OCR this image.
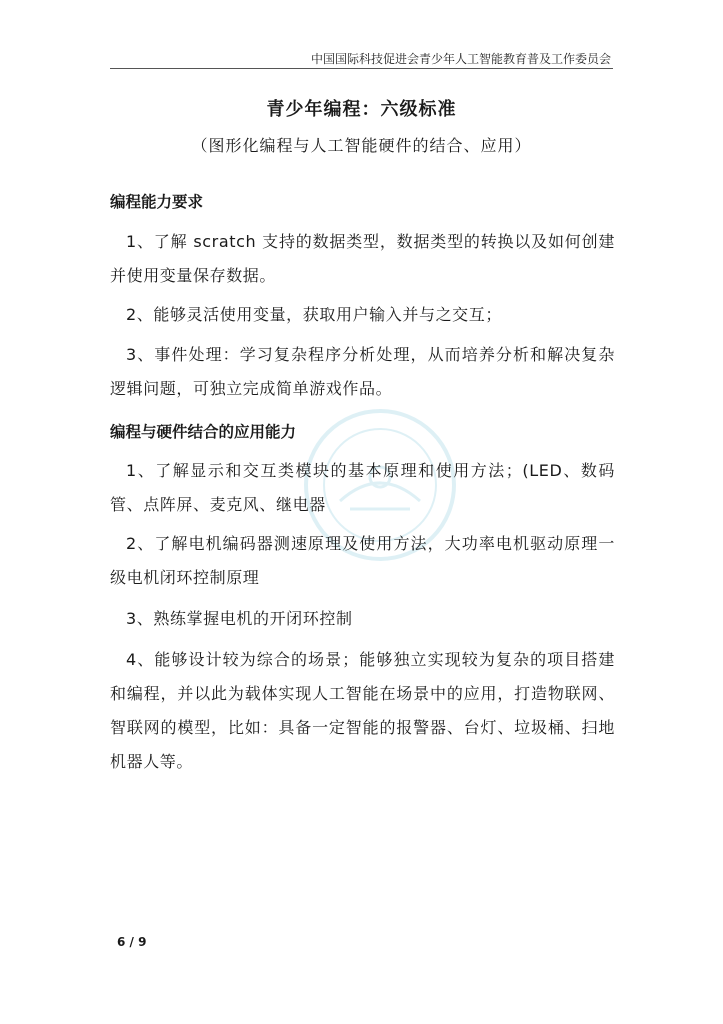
中国国际科技促进会青少年人工智能教育普及工作委员会
青少年编程：六级标准
（图形化编程与人工智能硬件的结合、应用）
编程能力要求
1、了解 scratch 支持的数据类型，数据类型的转换以及如何创建并使用变量保存数据。
2、能够灵活使用变量，获取用户输入并与之交互；
3、事件处理：学习复杂程序分析处理，从而培养分析和解决复杂逻辑问题，可独立完成简单游戏作品。
编程与硬件结合的应用能力
1、了解显示和交互类模块的基本原理和使用方法；(LED、数码管、点阵屏、麦克风、继电器
2、了解电机编码器测速原理及使用方法，大功率电机驱动原理一级电机闭环控制原理
3、熟练掌握电机的开闭环控制
4、能够设计较为综合的场景；能够独立实现较为复杂的项目搭建和编程，并以此为载体实现人工智能在场景中的应用，打造物联网、智联网的模型，比如：具备一定智能的报警器、台灯、垃圾桶、扫地机器人等。
6 / 9
